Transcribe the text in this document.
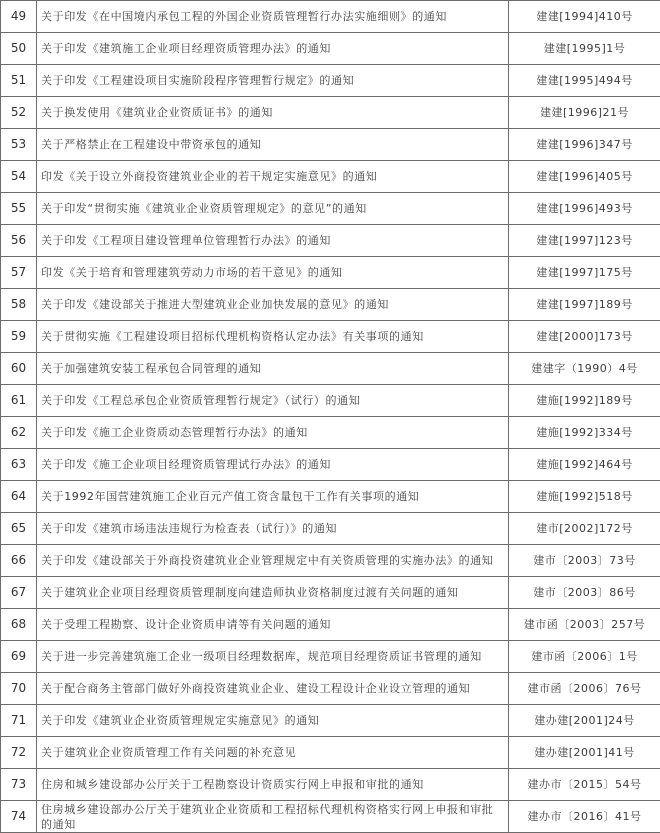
49	关于印发《在中国境内承包工程的外国企业资质管理暂行办法实施细则》的通知	建建[1994]410号
50	关于印发《建筑施工企业项目经理资质管理办法》的通知	建建[1995]1号
51	关于印发《工程建设项目实施阶段程序管理暂行规定》的通知	建建[1995]494号
52	关于换发使用《建筑业企业资质证书》的通知	建建[1996]21号
53	关于严格禁止在工程建设中带资承包的通知	建建[1996]347号
54	印发《关于设立外商投资建筑业企业的若干规定实施意见》的通知	建建[1996]405号
55	关于印发“贯彻实施《建筑业企业资质管理规定》的意见”的通知	建建[1996]493号
56	关于印发《工程项目建设管理单位管理暂行办法》的通知	建建[1997]123号
57	印发《关于培育和管理建筑劳动力市场的若干意见》的通知	建建[1997]175号
58	关于印发《建设部关于推进大型建筑业企业加快发展的意见》的通知	建建[1997]189号
59	关于贯彻实施《工程建设项目招标代理机构资格认定办法》有关事项的通知	建建[2000]173号
60	关于加强建筑安装工程承包合同管理的通知	建建字（1990）4号
61	关于印发《工程总承包企业资质管理暂行规定》（试行）的通知	建施[1992]189号
62	关于印发《施工企业资质动态管理暂行办法》的通知	建施[1992]334号
63	关于印发《施工企业项目经理资质管理试行办法》的通知	建施[1992]464号
64	关于1992年国营建筑施工企业百元产值工资含量包干工作有关事项的通知	建施[1992]518号
65	关于印发《建筑市场违法违规行为检查表（试行）》的通知	建市[2002]172号
66	关于印发《建设部关于外商投资建筑业企业管理规定中有关资质管理的实施办法》的通知	建市〔2003〕73号
67	关于建筑业企业项目经理资质管理制度向建造师执业资格制度过渡有关问题的通知	建市〔2003〕86号
68	关于受理工程勘察、设计企业资质申请等有关问题的通知	建市函〔2003〕257号
69	关于进一步完善建筑施工企业一级项目经理数据库，规范项目经理资质证书管理的通知	建市函〔2006〕1号
70	关于配合商务主管部门做好外商投资建筑业企业、建设工程设计企业设立管理的通知	建市函〔2006〕76号
71	关于印发《建筑业企业资质管理规定实施意见》的通知	建办建[2001]24号
72	关于建筑业企业资质管理工作有关问题的补充意见	建办建[2001]41号
73	住房和城乡建设部办公厅关于工程勘察设计资质实行网上申报和审批的通知	建办市〔2015〕54号
74	住房城乡建设部办公厅关于建筑业企业资质和工程招标代理机构资格实行网上申报和审批的通知	建办市〔2016〕41号
